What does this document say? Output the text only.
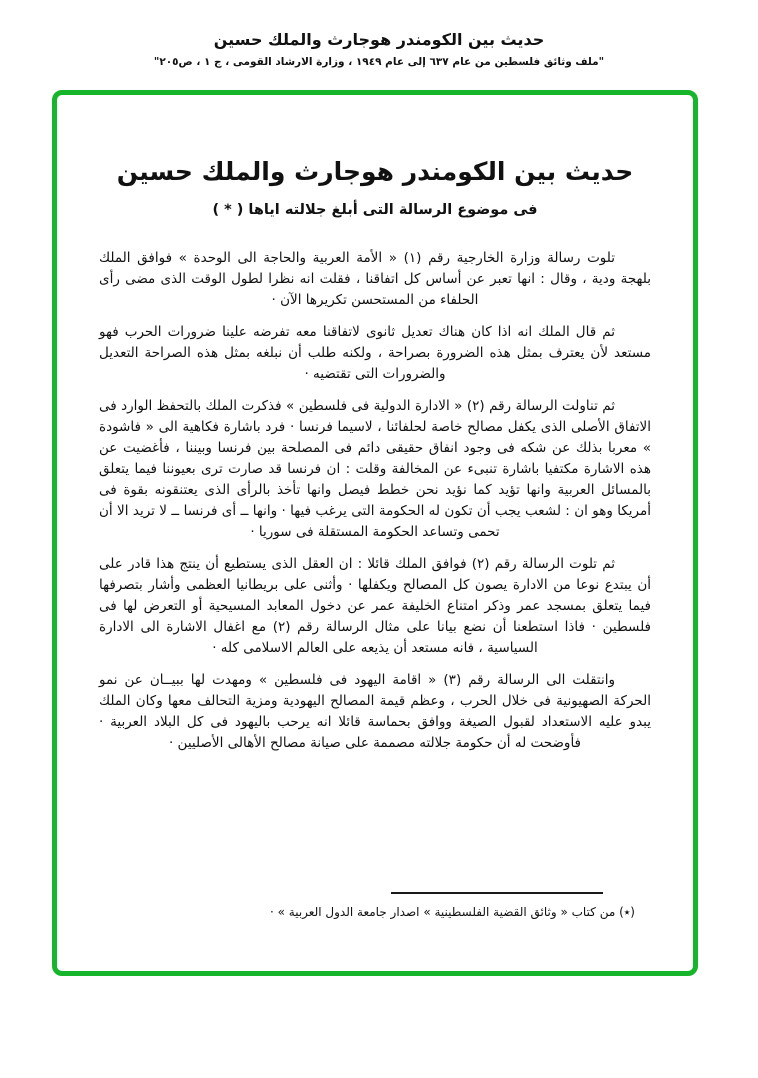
حديث بين الكومندر هوجارث والملك حسين
"ملف وثائق فلسطين من عام ٦٣٧ إلى عام ١٩٤٩ ، وزارة الارشاد القومى ، ج ١ ، ص٢٠٥"
حديث بين الكومندر هوجارث والملك حسين
فى موضوع الرسالة التى أبلغ جلالته اياها ( * )

تلوت رسالة وزارة الخارجية رقم (١) « الأمة العربية والحاجة الى الوحدة » فوافق الملك بلهجة ودية ، وقال : انها تعبر عن أساس كل اتفاقنا ، فقلت انه نظرا لطول الوقت الذى مضى رأى الحلفاء من المستحسن تكريرها الآن ·

ثم قال الملك انه اذا كان هناك تعديل ثانوى لاتفاقنا معه تفرضه علينا ضرورات الحرب فهو مستعد لأن يعترف بمثل هذه الضرورة بصراحة ، ولكنه طلب أن نبلغه بمثل هذه الصراحة التعديل والضرورات التى تقتضيه ·

ثم تناولت الرسالة رقم (٢) « الادارة الدولية فى فلسطين » فذكرت الملك بالتحفظ الوارد فى الاتفاق الأصلى الذى يكفل مصالح خاصة لحلفائنا ، لاسيما فرنسا · فرد باشارة فكاهية الى « فاشودة » معربا بذلك عن شكه فى وجود انفاق حقيقى دائم فى المصلحة بين فرنسا وبيننا ، فأغضيت عن هذه الاشارة مكتفيا باشارة تنبىء عن المخالفة وقلت : ان فرنسا قد صارت ترى بعيوننا فيما يتعلق بالمسائل العربية وانها تؤيد كما نؤيد نحن خطط فيصل وانها تأخذ بالرأى الذى يعتنقونه بقوة فى أمريكا وهو ان : لشعب يجب أن تكون له الحكومة التى يرغب فيها · وانها ــ أى فرنسا ــ لا تريد الا أن تحمى وتساعد الحكومة المستقلة فى سوريا ·

ثم تلوت الرسالة رقم (٢) فوافق الملك قائلا : ان العقل الذى يستطيع أن ينتج هذا قادر على أن يبتدع نوعا من الادارة يصون كل المصالح ويكفلها · وأثنى على بريطانيا العظمى وأشار بتصرفها فيما يتعلق بمسجد عمر وذكر امتناع الخليفة عمر عن دخول المعابد المسيحية أو التعرض لها فى فلسطين · فاذا استطعنا أن نضع بيانا على مثال الرسالة رقم (٢) مع اغفال الاشارة الى الادارة السياسية ، فانه مستعد أن يذيعه على العالم الاسلامى كله ·

وانتقلت الى الرسالة رقم (٣) « اقامة اليهود فى فلسطين » ومهدت لها ببيــان عن نمو الحركة الصهيونية فى خلال الحرب ، وعظم قيمة المصالح اليهودية ومزية التحالف معها وكان الملك يبدو عليه الاستعداد لقبول الصيغة ووافق بحماسة قائلا انه يرحب باليهود فى كل البلاد العربية · فأوضحت له أن حكومة جلالته مصممة على صيانة مصالح الأهالى الأصليين ·

(٭) من كتاب « وثائق القضية الفلسطينية » اصدار جامعة الدول العربية » ·
